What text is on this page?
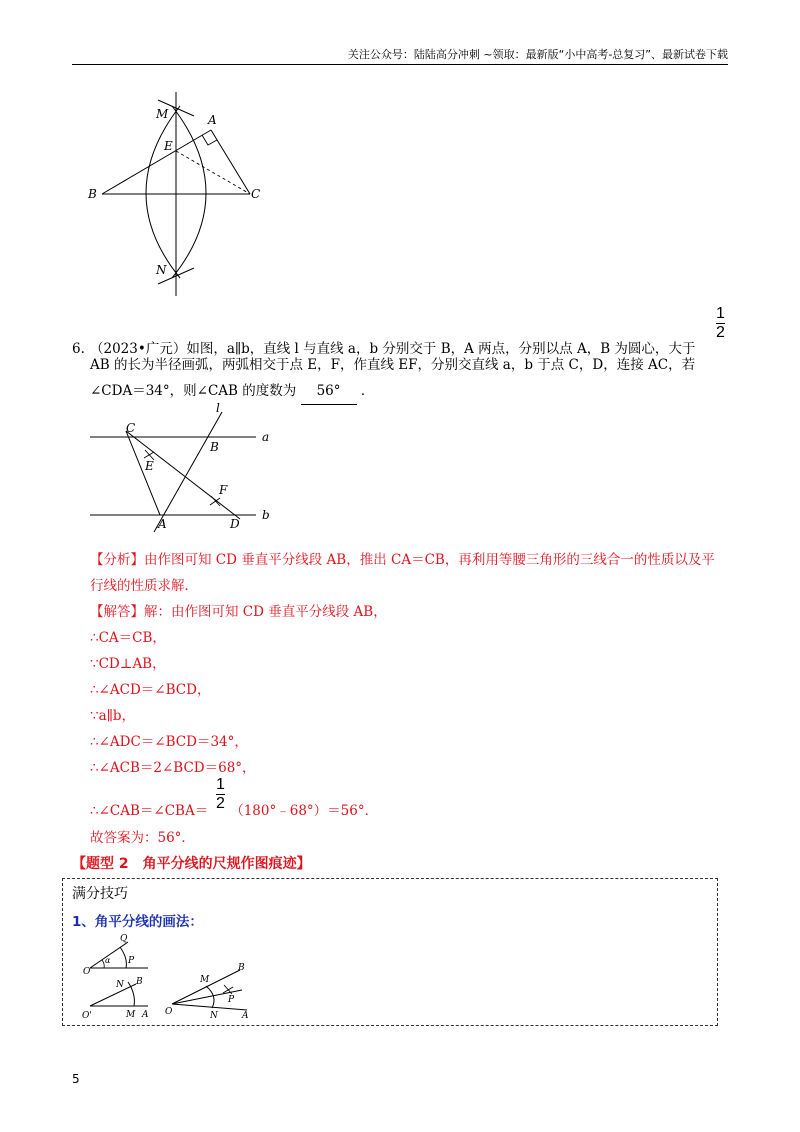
关注公众号：陆陆高分冲刺 ~领取：最新版“小中高考-总复习”、最新试卷下载
M	A
E
B	C
N
6. （2023•广元）如图，a∥b，直线 l 与直线 a，b 分别交于 B，A 两点，分别以点 A，B 为圆心，大于
1
2
AB 的长为半径画弧，两弧相交于点 E，F，作直线 EF，分别交直线 a，b 于点 C，D，连接 AC，若
∠CDA＝34°，则∠CAB 的度数为 56° ．
l
C
a
B
E
F
A	D
b
【分析】由作图可知 CD 垂直平分线段 AB，推出 CA＝CB，再利用等腰三角形的三线合一的性质以及平
行线的性质求解．
【解答】解：由作图可知 CD 垂直平分线段 AB，
∴CA＝CB，
∵CD⊥AB，
∴∠ACD＝∠BCD，
∵a∥b，
∴∠ADC＝∠BCD＝34°，
∴∠ACB＝2∠BCD＝68°，
∴∠CAB＝∠CBA＝ （180°﹣68°）＝56°．
1
2
故答案为：56°．
【题型 2　角平分线的尺规作图痕迹】
满分技巧
1、角平分线的画法：
Q
O
α P
N B
O'	M A
M
B
P
O	N	A
5
